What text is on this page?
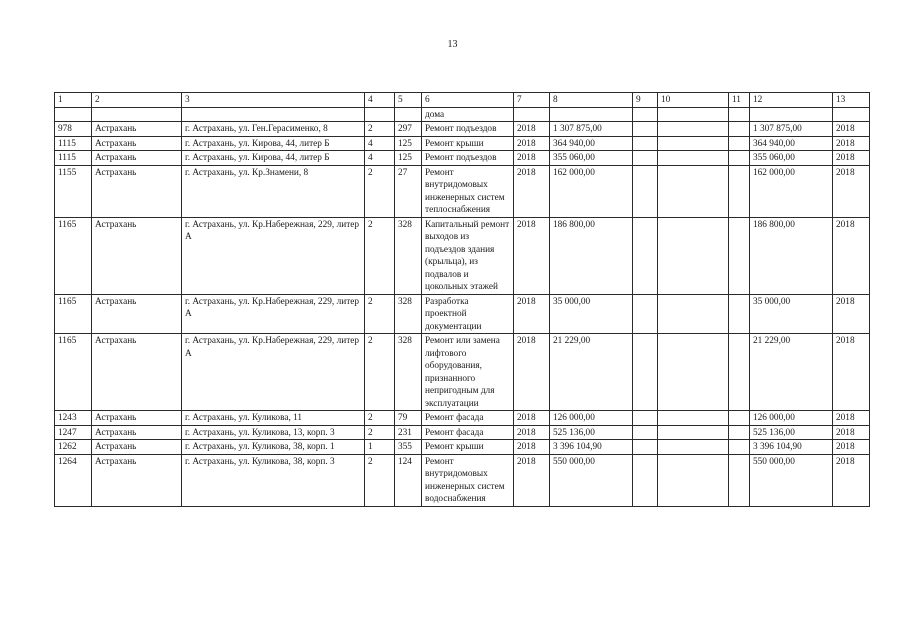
13
1	2	3	4	5	6	7	8	9	10	11	12	13
					дома							
978	Астрахань	г. Астрахань, ул. Ген.Герасименко, 8	2	297	Ремонт подъездов	2018	1 307 875,00				1 307 875,00	2018
1115	Астрахань	г. Астрахань, ул. Кирова, 44, литер Б	4	125	Ремонт крыши	2018	364 940,00				364 940,00	2018
1115	Астрахань	г. Астрахань, ул. Кирова, 44, литер Б	4	125	Ремонт подъездов	2018	355 060,00				355 060,00	2018
1155	Астрахань	г. Астрахань, ул. Кр.Знамени, 8	2	27	Ремонт внутридомовых инженерных систем теплоснабжения	2018	162 000,00				162 000,00	2018
1165	Астрахань	г. Астрахань, ул. Кр.Набережная, 229, литер А	2	328	Капитальный ремонт выходов из подъездов здания (крыльца), из подвалов и цокольных этажей	2018	186 800,00				186 800,00	2018
1165	Астрахань	г. Астрахань, ул. Кр.Набережная, 229, литер А	2	328	Разработка проектной документации	2018	35 000,00				35 000,00	2018
1165	Астрахань	г. Астрахань, ул. Кр.Набережная, 229, литер А	2	328	Ремонт или замена лифтового оборудования, признанного непригодным для эксплуатации	2018	21 229,00				21 229,00	2018
1243	Астрахань	г. Астрахань, ул. Куликова, 11	2	79	Ремонт фасада	2018	126 000,00				126 000,00	2018
1247	Астрахань	г. Астрахань, ул. Куликова, 13, корп. 3	2	231	Ремонт фасада	2018	525 136,00				525 136,00	2018
1262	Астрахань	г. Астрахань, ул. Куликова, 38, корп. 1	1	355	Ремонт крыши	2018	3 396 104,90				3 396 104,90	2018
1264	Астрахань	г. Астрахань, ул. Куликова, 38, корп. 3	2	124	Ремонт внутридомовых инженерных систем водоснабжения	2018	550 000,00				550 000,00	2018
